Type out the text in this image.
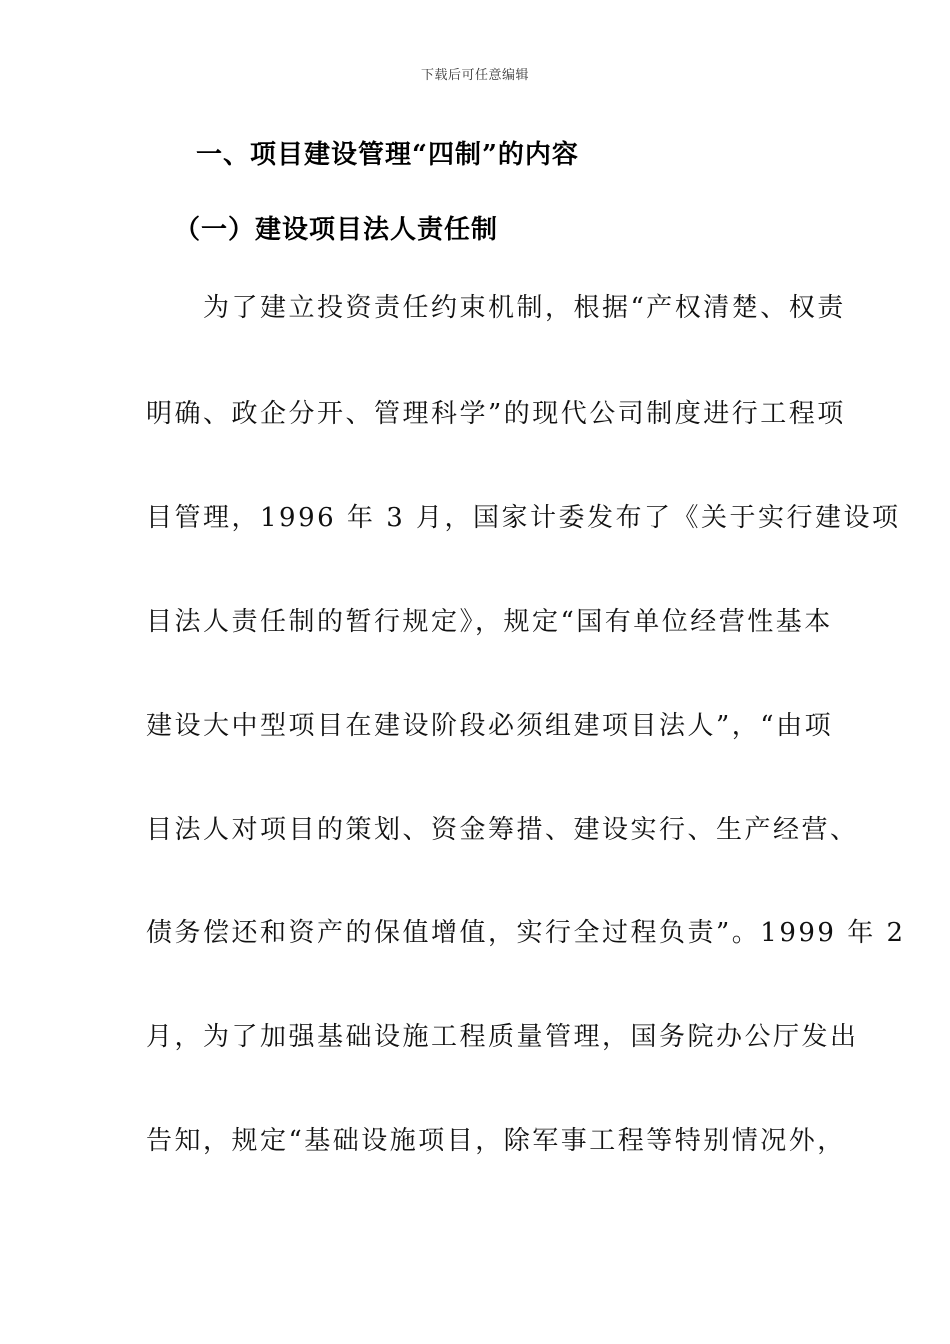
下载后可任意编辑
一、项目建设管理“四制”的内容
（一）建设项目法人责任制
　　为了建立投资责任约束机制，根据“产权清楚、权责
明确、政企分开、管理科学”的现代公司制度进行工程项
目管理，1996 年 3 月，国家计委发布了《关于实行建设项
目法人责任制的暂行规定》，规定“国有单位经营性基本
建设大中型项目在建设阶段必须组建项目法人”，“由项
目法人对项目的策划、资金筹措、建设实行、生产经营、
债务偿还和资产的保值增值，实行全过程负责”。1999 年 2
月，为了加强基础设施工程质量管理，国务院办公厅发出
告知，规定“基础设施项目，除军事工程等特别情况外，
